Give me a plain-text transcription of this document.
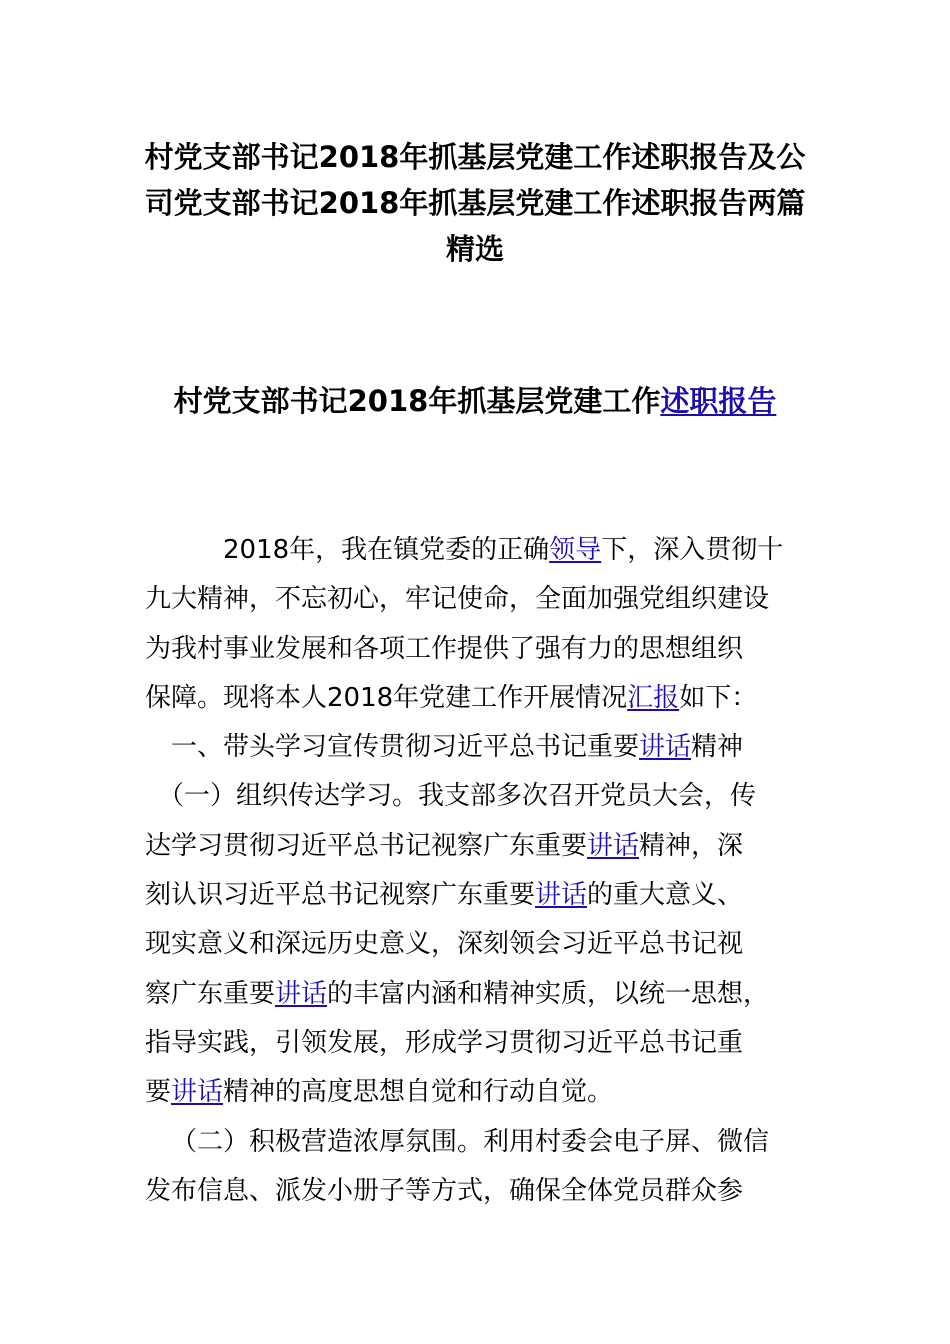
村党支部书记2018年抓基层党建工作述职报告及公
司党支部书记2018年抓基层党建工作述职报告两篇
精选
村党支部书记2018年抓基层党建工作述职报告

　2018年，我在镇党委的正确领导下，深入贯彻十

九大精神，不忘初心，牢记使命，全面加强党组织建设

为我村事业发展和各项工作提供了强有力的思想组织

保障。现将本人2018年党建工作开展情况汇报如下：

一、带头学习宣传贯彻习近平总书记重要讲话精神

（一）组织传达学习。我支部多次召开党员大会，传

达学习贯彻习近平总书记视察广东重要讲话精神，深

刻认识习近平总书记视察广东重要讲话的重大意义、

现实意义和深远历史意义，深刻领会习近平总书记视

察广东重要讲话的丰富内涵和精神实质，以统一思想，

指导实践，引领发展，形成学习贯彻习近平总书记重

要讲话精神的高度思想自觉和行动自觉。

（二）积极营造浓厚氛围。利用村委会电子屏、微信

发布信息、派发小册子等方式，确保全体党员群众参
